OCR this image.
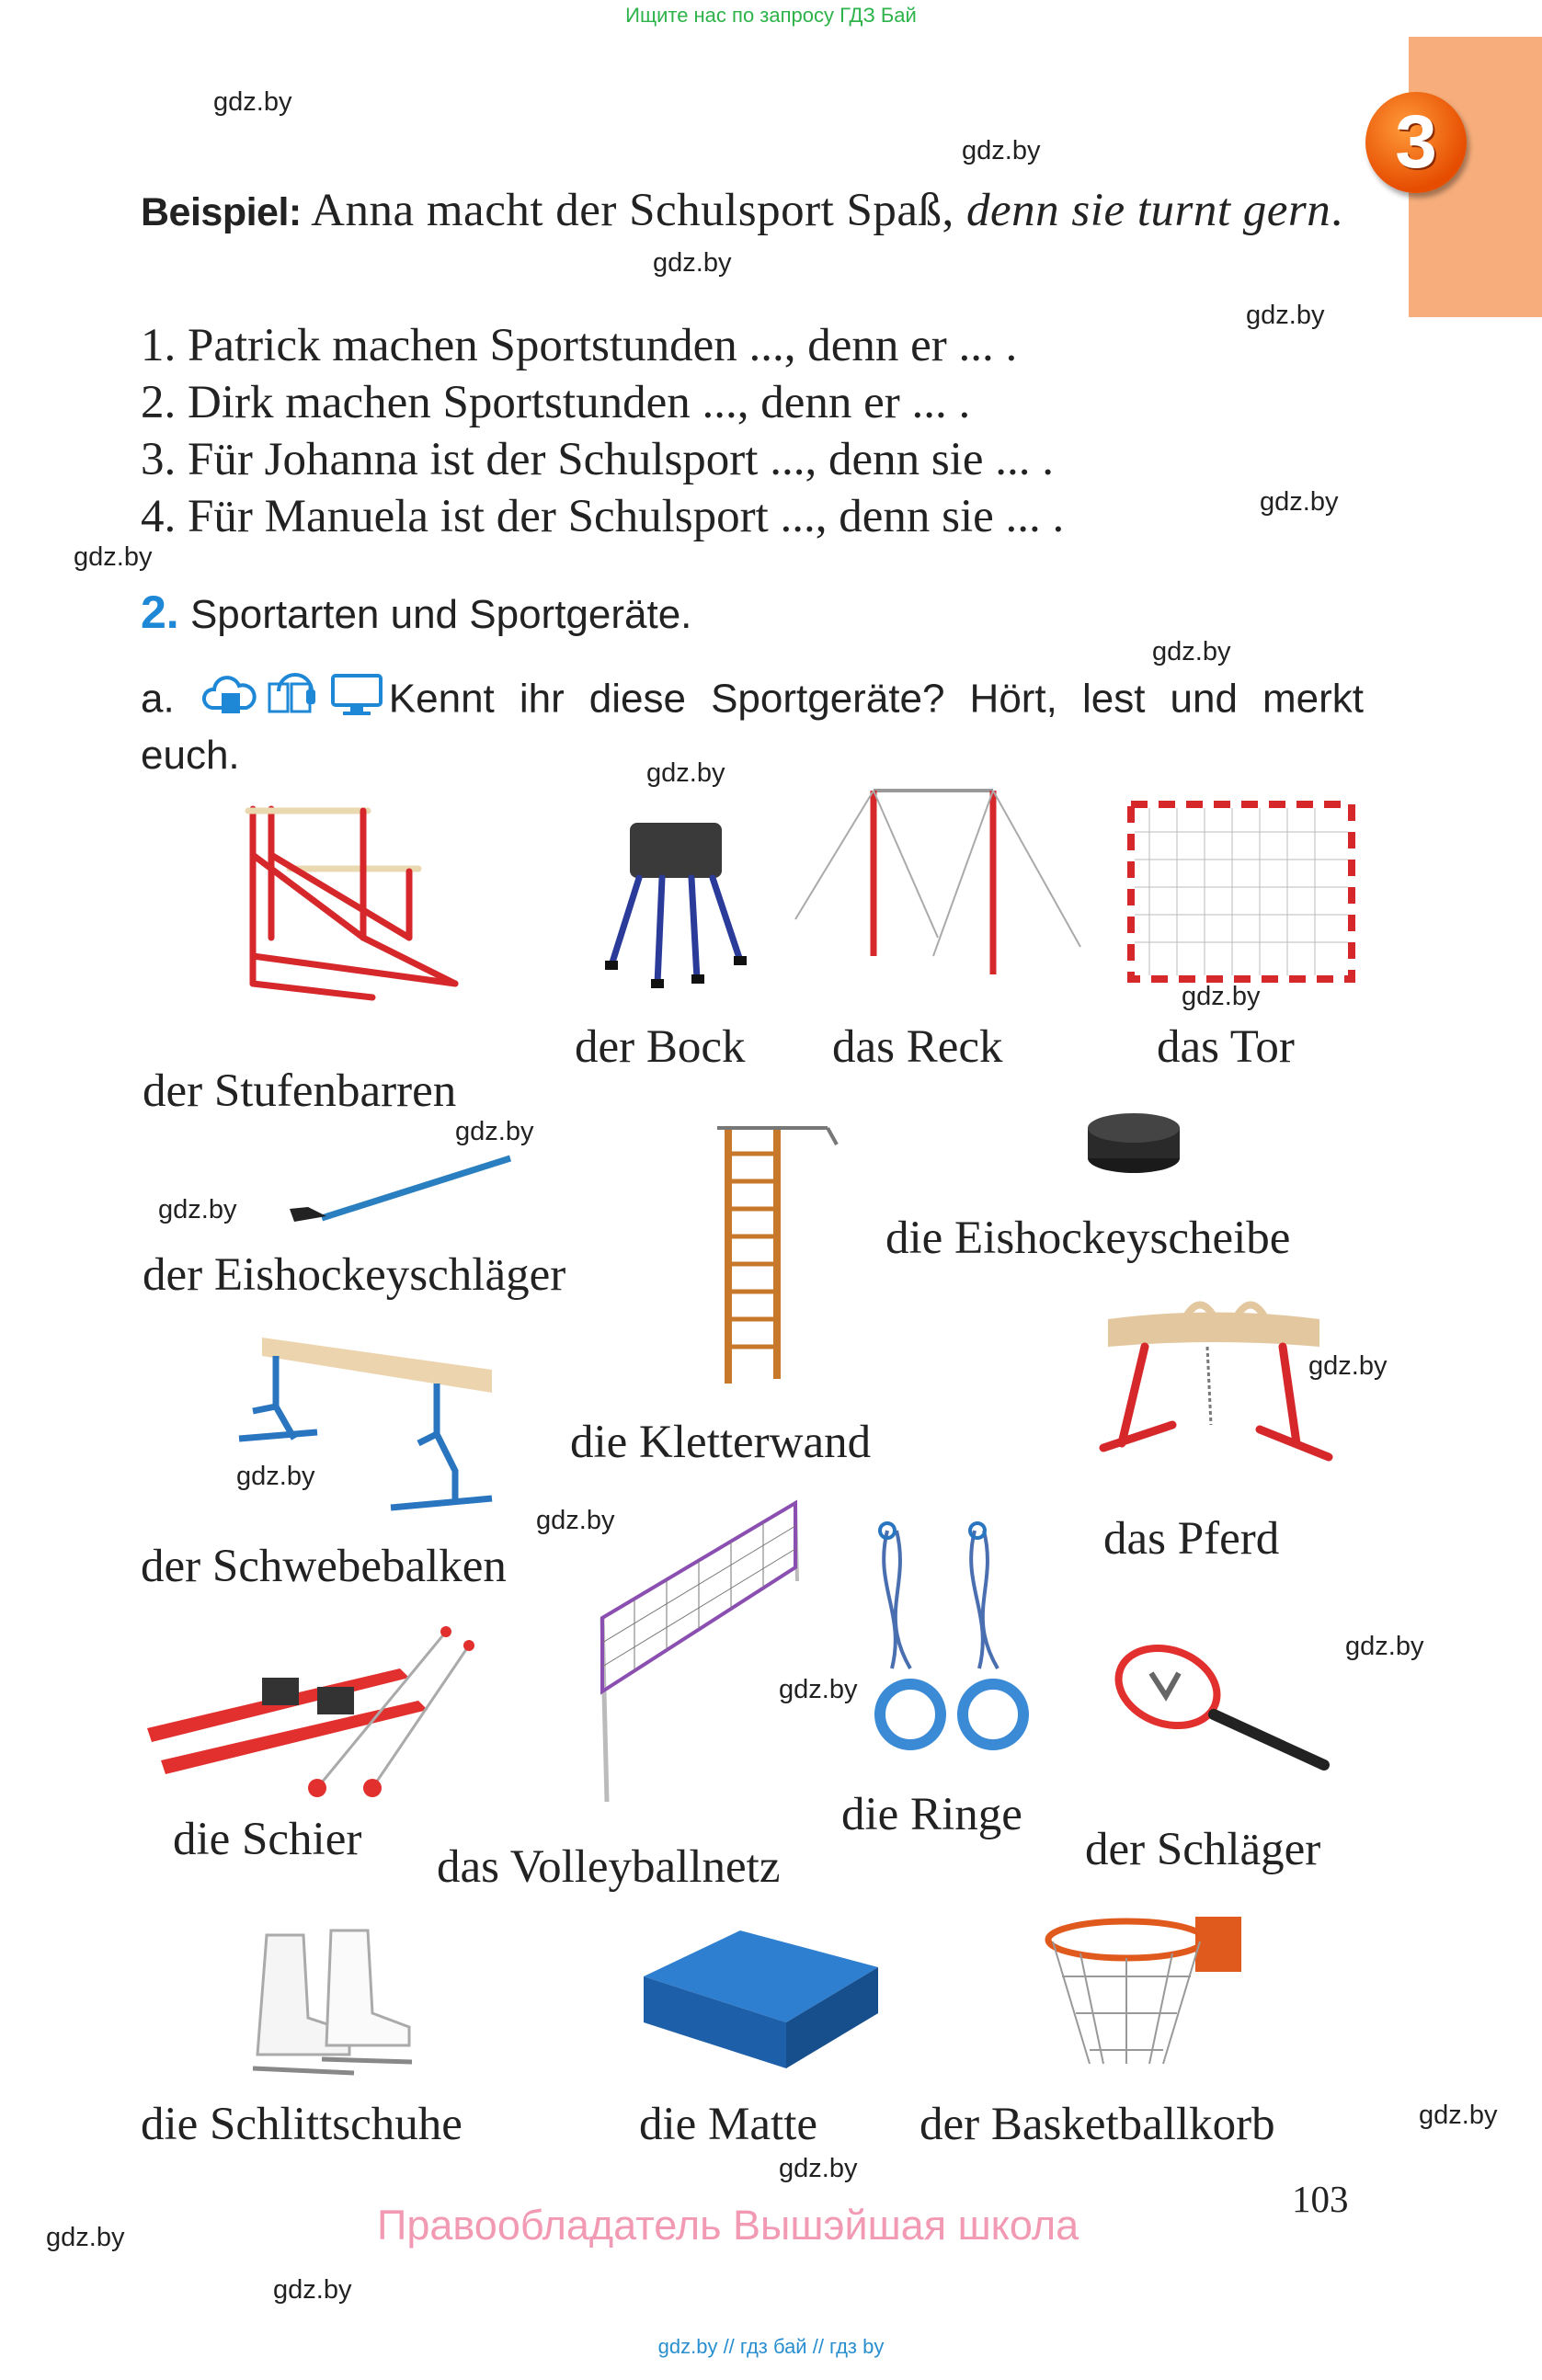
Ищите нас по запросу ГДЗ Бай
3
gdz.by
gdz.by
gdz.by
gdz.by
gdz.by
gdz.by
gdz.by
gdz.by
gdz.by
gdz.by
gdz.by
gdz.by
gdz.by
gdz.by
gdz.by
gdz.by
gdz.by
gdz.by
gdz.by
gdz.by
Beispiel: Anna macht der Schulsport Spaß, denn sie turnt gern.
1. Patrick machen Sportstunden ..., denn er ... .
2. Dirk machen Sportstunden ..., denn er ... .
3. Für Johanna ist der Schulsport ..., denn sie ... .
4. Für Manuela ist der Schulsport ..., denn sie ... .
2. Sportarten und Sportgeräte.
a.	Kennt ihr diese Sportgeräte? Hört, lest und merkt euch.
der Stufenbarren
der Bock das Reck	das Tor
der Eishockeyschläger
die Kletterwand
die Eishockeyscheibe
der Schwebebalken
das Pferd
das Volleyballnetz
die Ringe
die Schier	der Schläger
die Schlittschuhe	die Matte der Basketballkorb
103
Правообладатель Вышэйшая школа
gdz.by // гдз бай // гдз by
